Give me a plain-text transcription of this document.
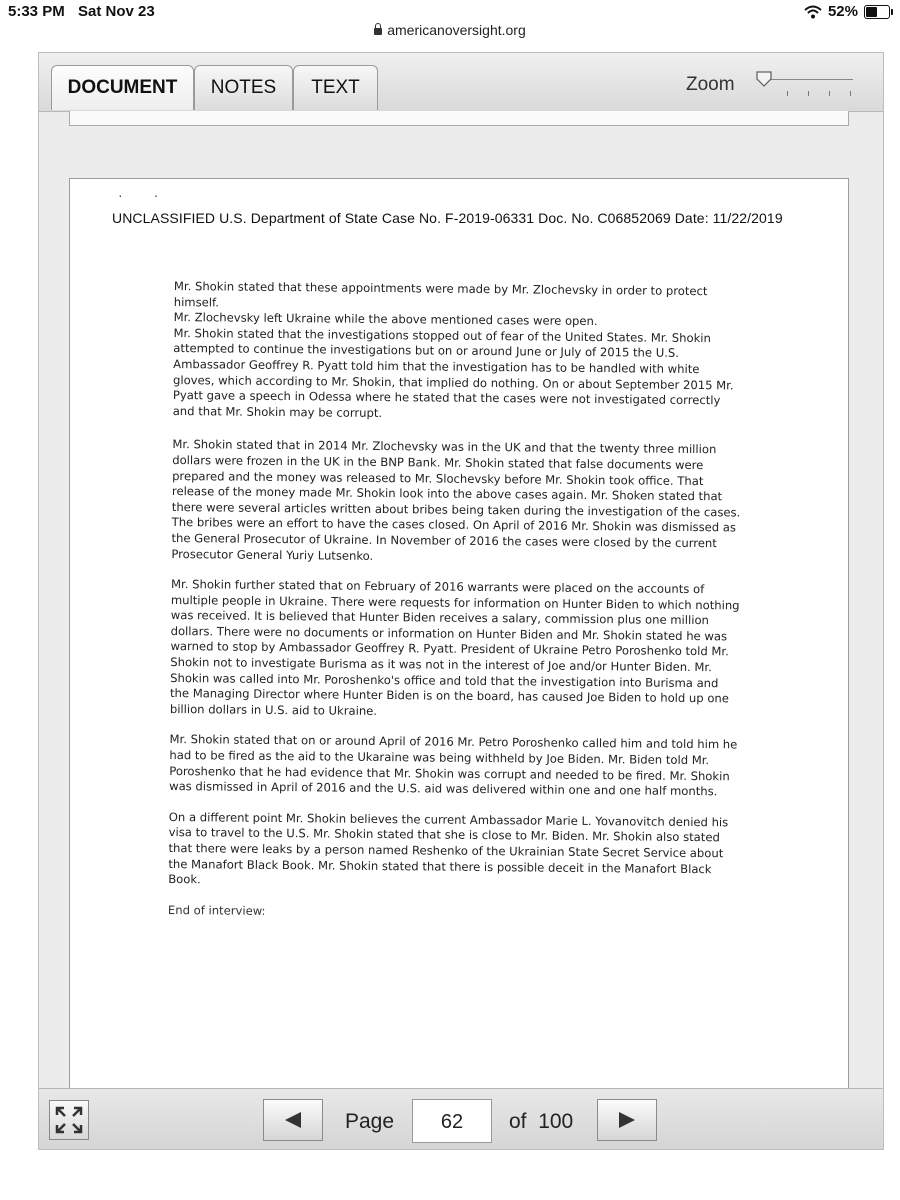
5:33 PM Sat Nov 23	52%
americanoversight.org
DOCUMENT	NOTES	TEXT	Zoom
·        ·
UNCLASSIFIED U.S. Department of State Case No. F-2019-06331 Doc. No. C06852069 Date: 11/22/2019

Mr. Shokin stated that these appointments were made by Mr. Zlochevsky in order to protect himself.
Mr. Zlochevsky left Ukraine while the above mentioned cases were open.
Mr. Shokin stated that the investigations stopped out of fear of the United States. Mr. Shokin attempted to continue the investigations but on or around June or July of 2015 the U.S. Ambassador Geoffrey R. Pyatt told him that the investigation has to be handled with white gloves, which according to Mr. Shokin, that implied do nothing. On or about September 2015 Mr. Pyatt gave a speech in Odessa where he stated that the cases were not investigated correctly and that Mr. Shokin may be corrupt.

Mr. Shokin stated that in 2014 Mr. Zlochevsky was in the UK and that the twenty three million dollars were frozen in the UK in the BNP Bank. Mr. Shokin stated that false documents were prepared and the money was released to Mr. Slochevsky before Mr. Shokin took office. That release of the money made Mr. Shokin look into the above cases again. Mr. Shoken stated that there were several articles written about bribes being taken during the investigation of the cases. The bribes were an effort to have the cases closed. On April of 2016 Mr. Shokin was dismissed as the General Prosecutor of Ukraine. In November of 2016 the cases were closed by the current Prosecutor General Yuriy Lutsenko.

Mr. Shokin further stated that on February of 2016 warrants were placed on the accounts of multiple people in Ukraine. There were requests for information on Hunter Biden to which nothing was received. It is believed that Hunter Biden receives a salary, commission plus one million dollars. There were no documents or information on Hunter Biden and Mr. Shokin stated he was warned to stop by Ambassador Geoffrey R. Pyatt. President of Ukraine Petro Poroshenko told Mr. Shokin not to investigate Burisma as it was not in the interest of Joe and/or Hunter Biden. Mr. Shokin was called into Mr. Poroshenko's office and told that the investigation into Burisma and the Managing Director where Hunter Biden is on the board, has caused Joe Biden to hold up one billion dollars in U.S. aid to Ukraine.

Mr. Shokin stated that on or around April of 2016 Mr. Petro Poroshenko called him and told him he had to be fired as the aid to the Ukaraine was being withheld by Joe Biden. Mr. Biden told Mr. Poroshenko that he had evidence that Mr. Shokin was corrupt and needed to be fired. Mr. Shokin was dismissed in April of 2016 and the U.S. aid was delivered within one and one half months.

On a different point Mr. Shokin believes the current Ambassador Marie L. Yovanovitch denied his visa to travel to the U.S. Mr. Shokin stated that she is close to Mr. Biden. Mr. Shokin also stated that there were leaks by a person named Reshenko of the Ukrainian State Secret Service about the Manafort Black Book. Mr. Shokin stated that there is possible deceit in the Manafort Black Book.

End of interview:

Page	62	of 100
